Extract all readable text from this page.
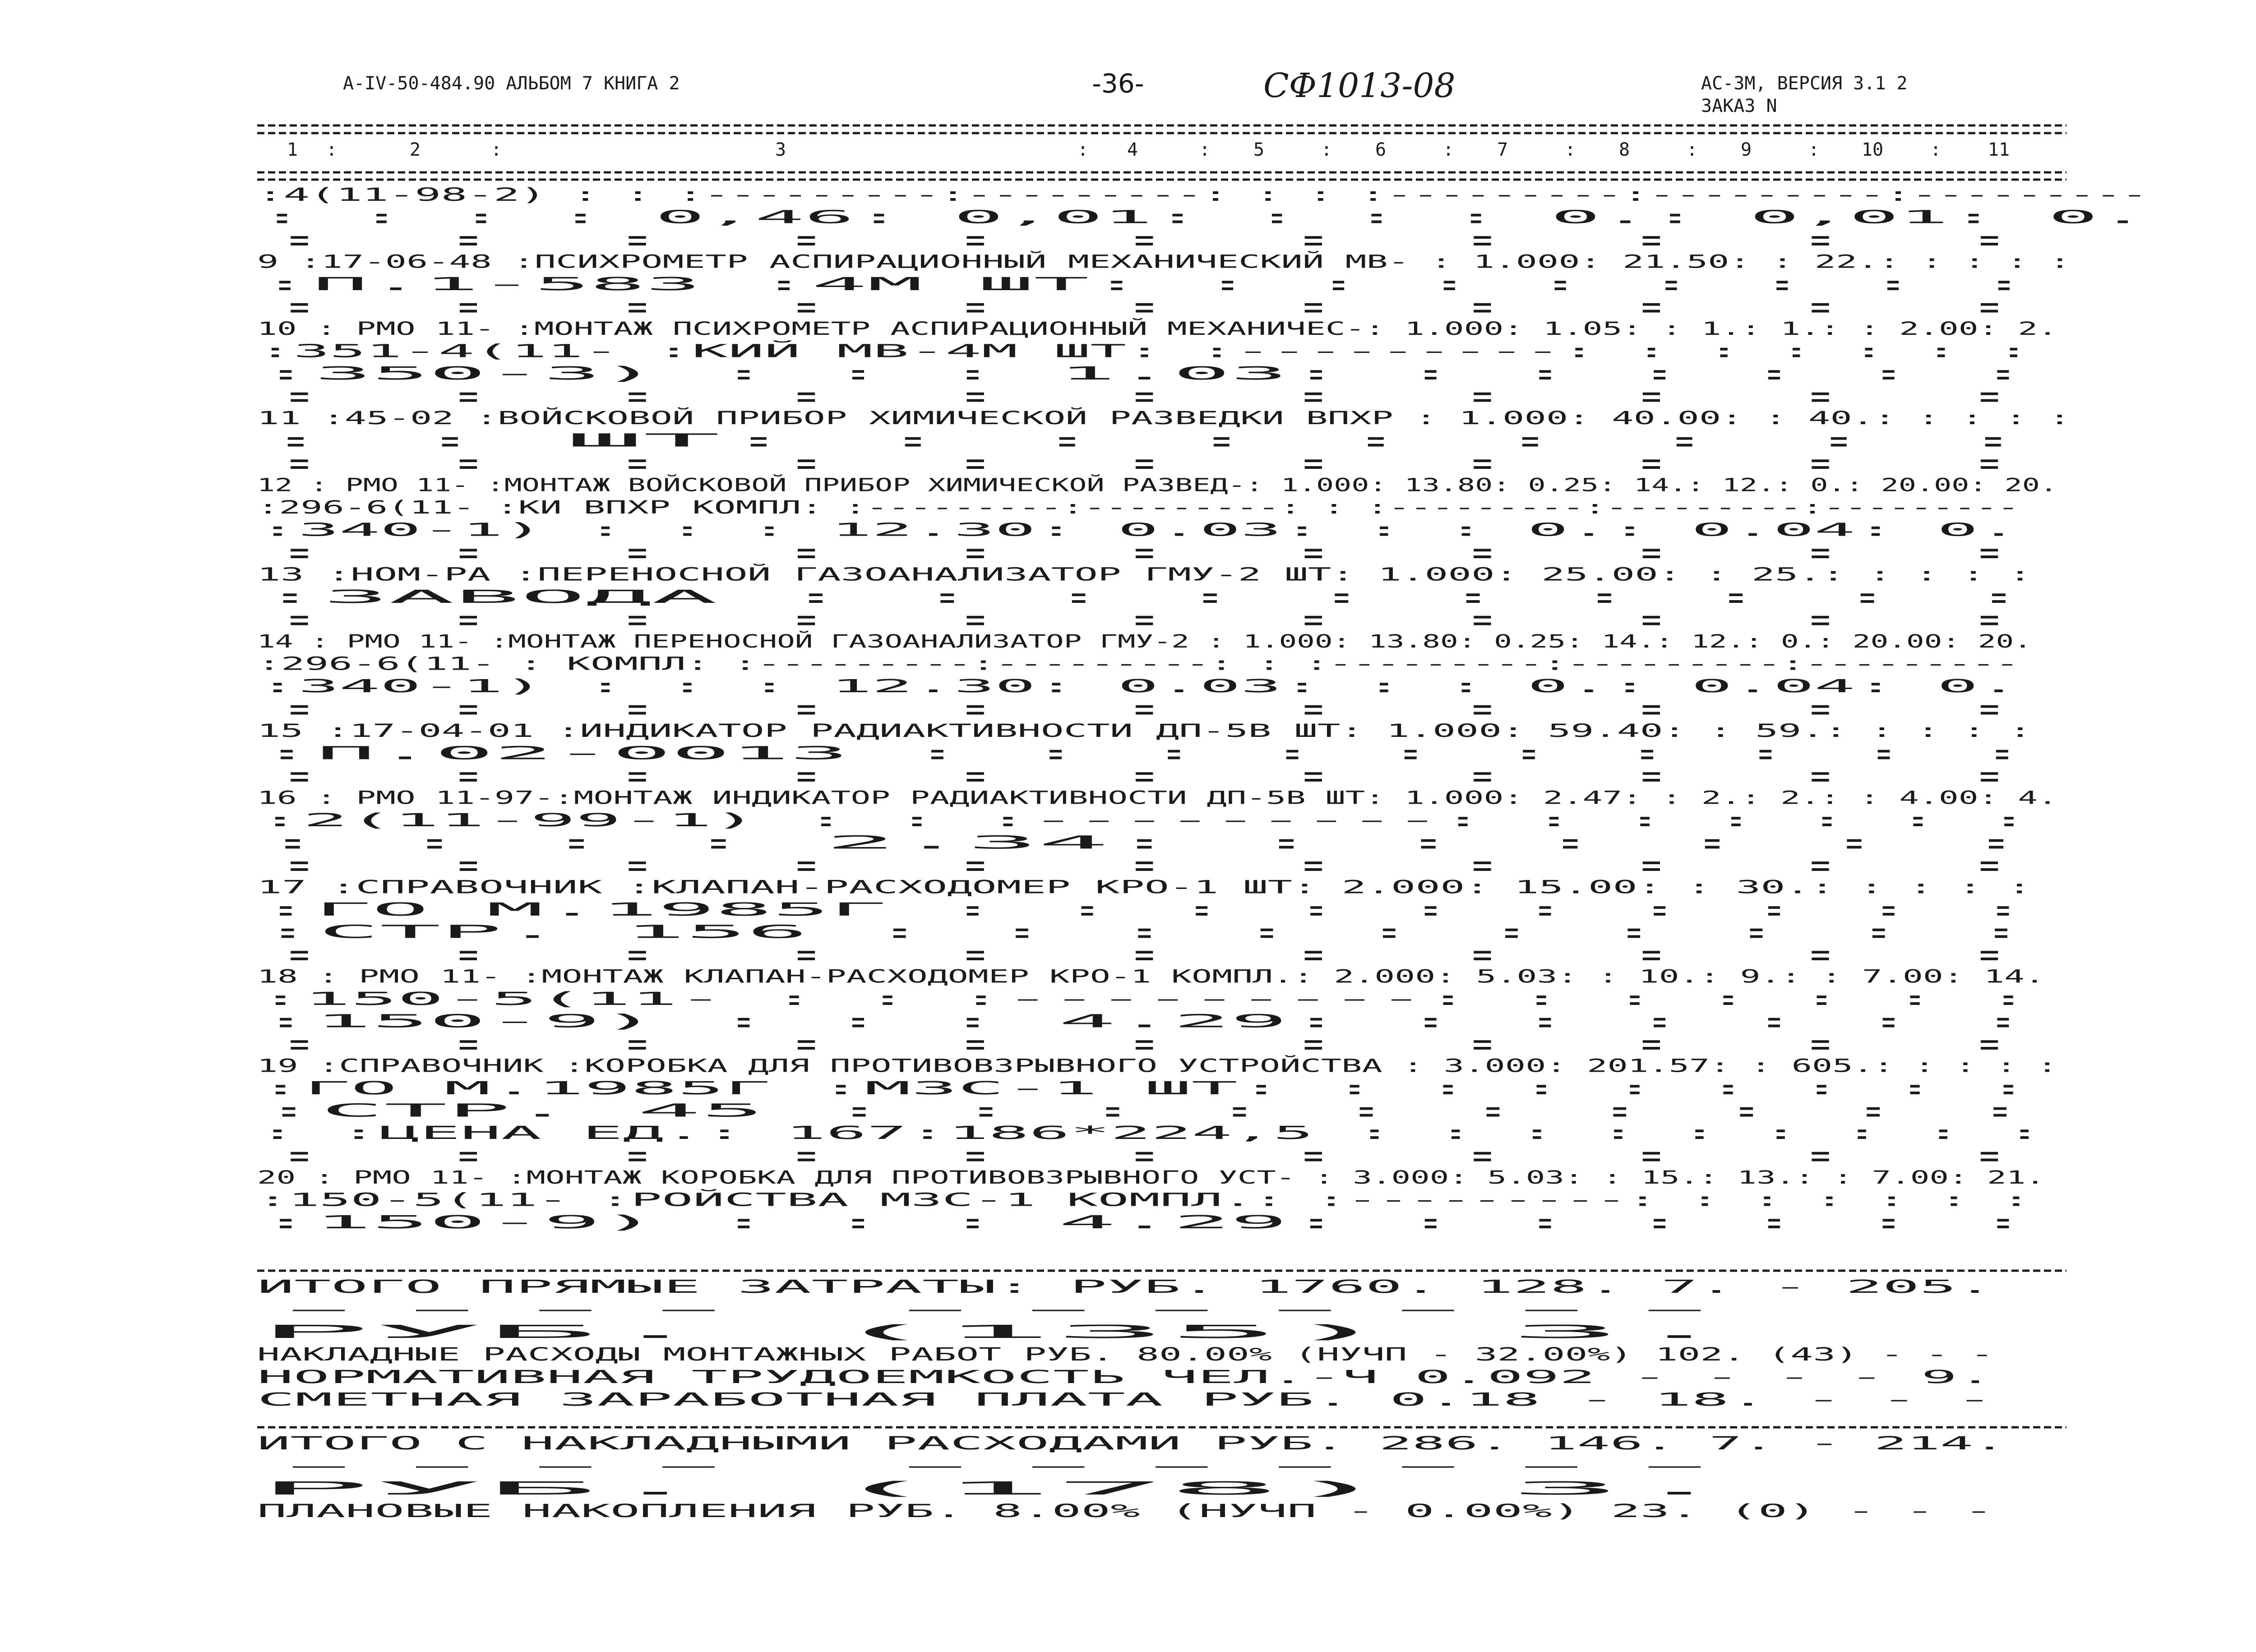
А-IV-50-484.90 АЛЬБОМ 7 КНИГА 2	-36-	СФ1013-08	АС-3М, ВЕРСИЯ 3.1 2
ЗАКАЗ N
1 :	2	:	3	: 4	: 5	: 6	: 7	: 8	: 9	: 10	:	11
:4(11-98-2) : : :---------:---------: : : :---------:---------:---------
: : : : 0,46: 0,01: : : : 0.: 0,01: 0.
: : : : : : : : : : :
9 :17-06-48 :ПСИХРОМЕТР АСПИРАЦИОННЫЙ МЕХАНИЧЕСКИЙ МВ- : 1.000: 21.50: : 22.: : : : :
:П.1-583 :4М ШТ: : : : : : : : :
: : : : : : : : : : :
10 : РМО 11- :МОНТАЖ ПСИХРОМЕТР АСПИРАЦИОННЫЙ МЕХАНИЧЕС-: 1.000: 1.05: : 1.: 1.: : 2.00: 2.
:351-4(11- :КИЙ МВ-4М ШТ: :---------: : : : : : :
:350-3) : : : 1.03: : : : : : :
: : : : : : : : : : :
11 :45-02 :ВОЙСКОВОЙ ПРИБОР ХИМИЧЕСКОЙ РАЗВЕДКИ ВПХР : 1.000: 40.00: : 40.: : : : :
: : ШТ: : : : : : : : :
: : : : : : : : : : :
12 : РМО 11- :МОНТАЖ ВОЙСКОВОЙ ПРИБОР ХИМИЧЕСКОЙ РАЗВЕД-: 1.000: 13.80: 0.25: 14.: 12.: 0.: 20.00: 20.
:296-6(11- :КИ ВПХР КОМПЛ: :---------:---------: : :---------:---------:---------
:340-1) : : : 12.30: 0.03: : : 0.: 0.04: 0.
: : : : : : : : : : :
13 :НОМ-РА :ПЕРЕНОСНОЙ ГАЗОАНАЛИЗАТОР ГМУ-2 ШТ: 1.000: 25.00: : 25.: : : : :
:ЗАВОДА : : : : : : : : : :
: : : : : : : : : : :
14 : РМО 11- :МОНТАЖ ПЕРЕНОСНОЙ ГАЗОАНАЛИЗАТОР ГМУ-2 : 1.000: 13.80: 0.25: 14.: 12.: 0.: 20.00: 20.
:296-6(11- : КОМПЛ: :---------:---------: : :---------:---------:---------
:340-1) : : : 12.30: 0.03: : : 0.: 0.04: 0.
: : : : : : : : : : :
15 :17-04-01 :ИНДИКАТОР РАДИАКТИВНОСТИ ДП-5В ШТ: 1.000: 59.40: : 59.: : : : :
:П.02-0013 : : : : : : : : : :
: : : : : : : : : : :
16 : РМО 11-97-:МОНТАЖ ИНДИКАТОР РАДИАКТИВНОСТИ ДП-5В ШТ: 1.000: 2.47: : 2.: 2.: : 4.00: 4.
:2(11-99-1) : : :---------: : : : : : :
: : : : 2.34: : : : : : :
: : : : : : : : : : :
17 :СПРАВОЧНИК :КЛАПАН-РАСХОДОМЕР КРО-1 ШТ: 2.000: 15.00: : 30.: : : : :
:ГО М.1985Г : : : : : : : : : :
:СТР. 156 : : : : : : : : : :
: : : : : : : : : : :
18 : РМО 11- :МОНТАЖ КЛАПАН-РАСХОДОМЕР КРО-1 КОМПЛ.: 2.000: 5.03: : 10.: 9.: : 7.00: 14.
:150-5(11- : : :---------: : : : : : :
:150-9) : : : 4.29: : : : : : :
: : : : : : : : : : :
19 :СПРАВОЧНИК :КОРОБКА ДЛЯ ПРОТИВОВЗРЫВНОГО УСТРОЙСТВА : 3.000: 201.57: : 605.: : : : :
:ГО М.1985Г :МЗС-1 ШТ: : : : : : : : :
:СТР. 45 : : : : : : : : : :
: :ЦЕНА ЕД.: 167:186*224,5 : : : : : : : : :
: : : : : : : : : : :
20 : РМО 11- :МОНТАЖ КОРОБКА ДЛЯ ПРОТИВОВЗРЫВНОГО УСТ- : 3.000: 5.03: : 15.: 13.: : 7.00: 21.
:150-5(11- :РОЙСТВА МЗС-1 КОМПЛ.: :---------: : : : : : :
:150-9) : : : 4.29: : : : : : :
ИТОГО ПРЯМЫЕ ЗАТРАТЫ: РУБ. 1760. 128. 7. - 205.
---- -------
РУБ. (135) 3.
НАКЛАДНЫЕ РАСХОДЫ МОНТАЖНЫХ РАБОТ РУБ. 80.00% (НУЧП - 32.00%) 102. (43) - - -
НОРМАТИВНАЯ ТРУДОЕМКОСТЬ ЧЕЛ.-Ч 0.092 - - - - 9.
СМЕТНАЯ ЗАРАБОТНАЯ ПЛАТА РУБ. 0.18 - 18. - - -
ИТОГО С НАКЛАДНЫМИ РАСХОДАМИ РУБ. 286. 146. 7. - 214.
---- -------
РУБ. (178) 3.
ПЛАНОВЫЕ НАКОПЛЕНИЯ РУБ. 8.00% (НУЧП - 0.00%) 23. (0) - - -
